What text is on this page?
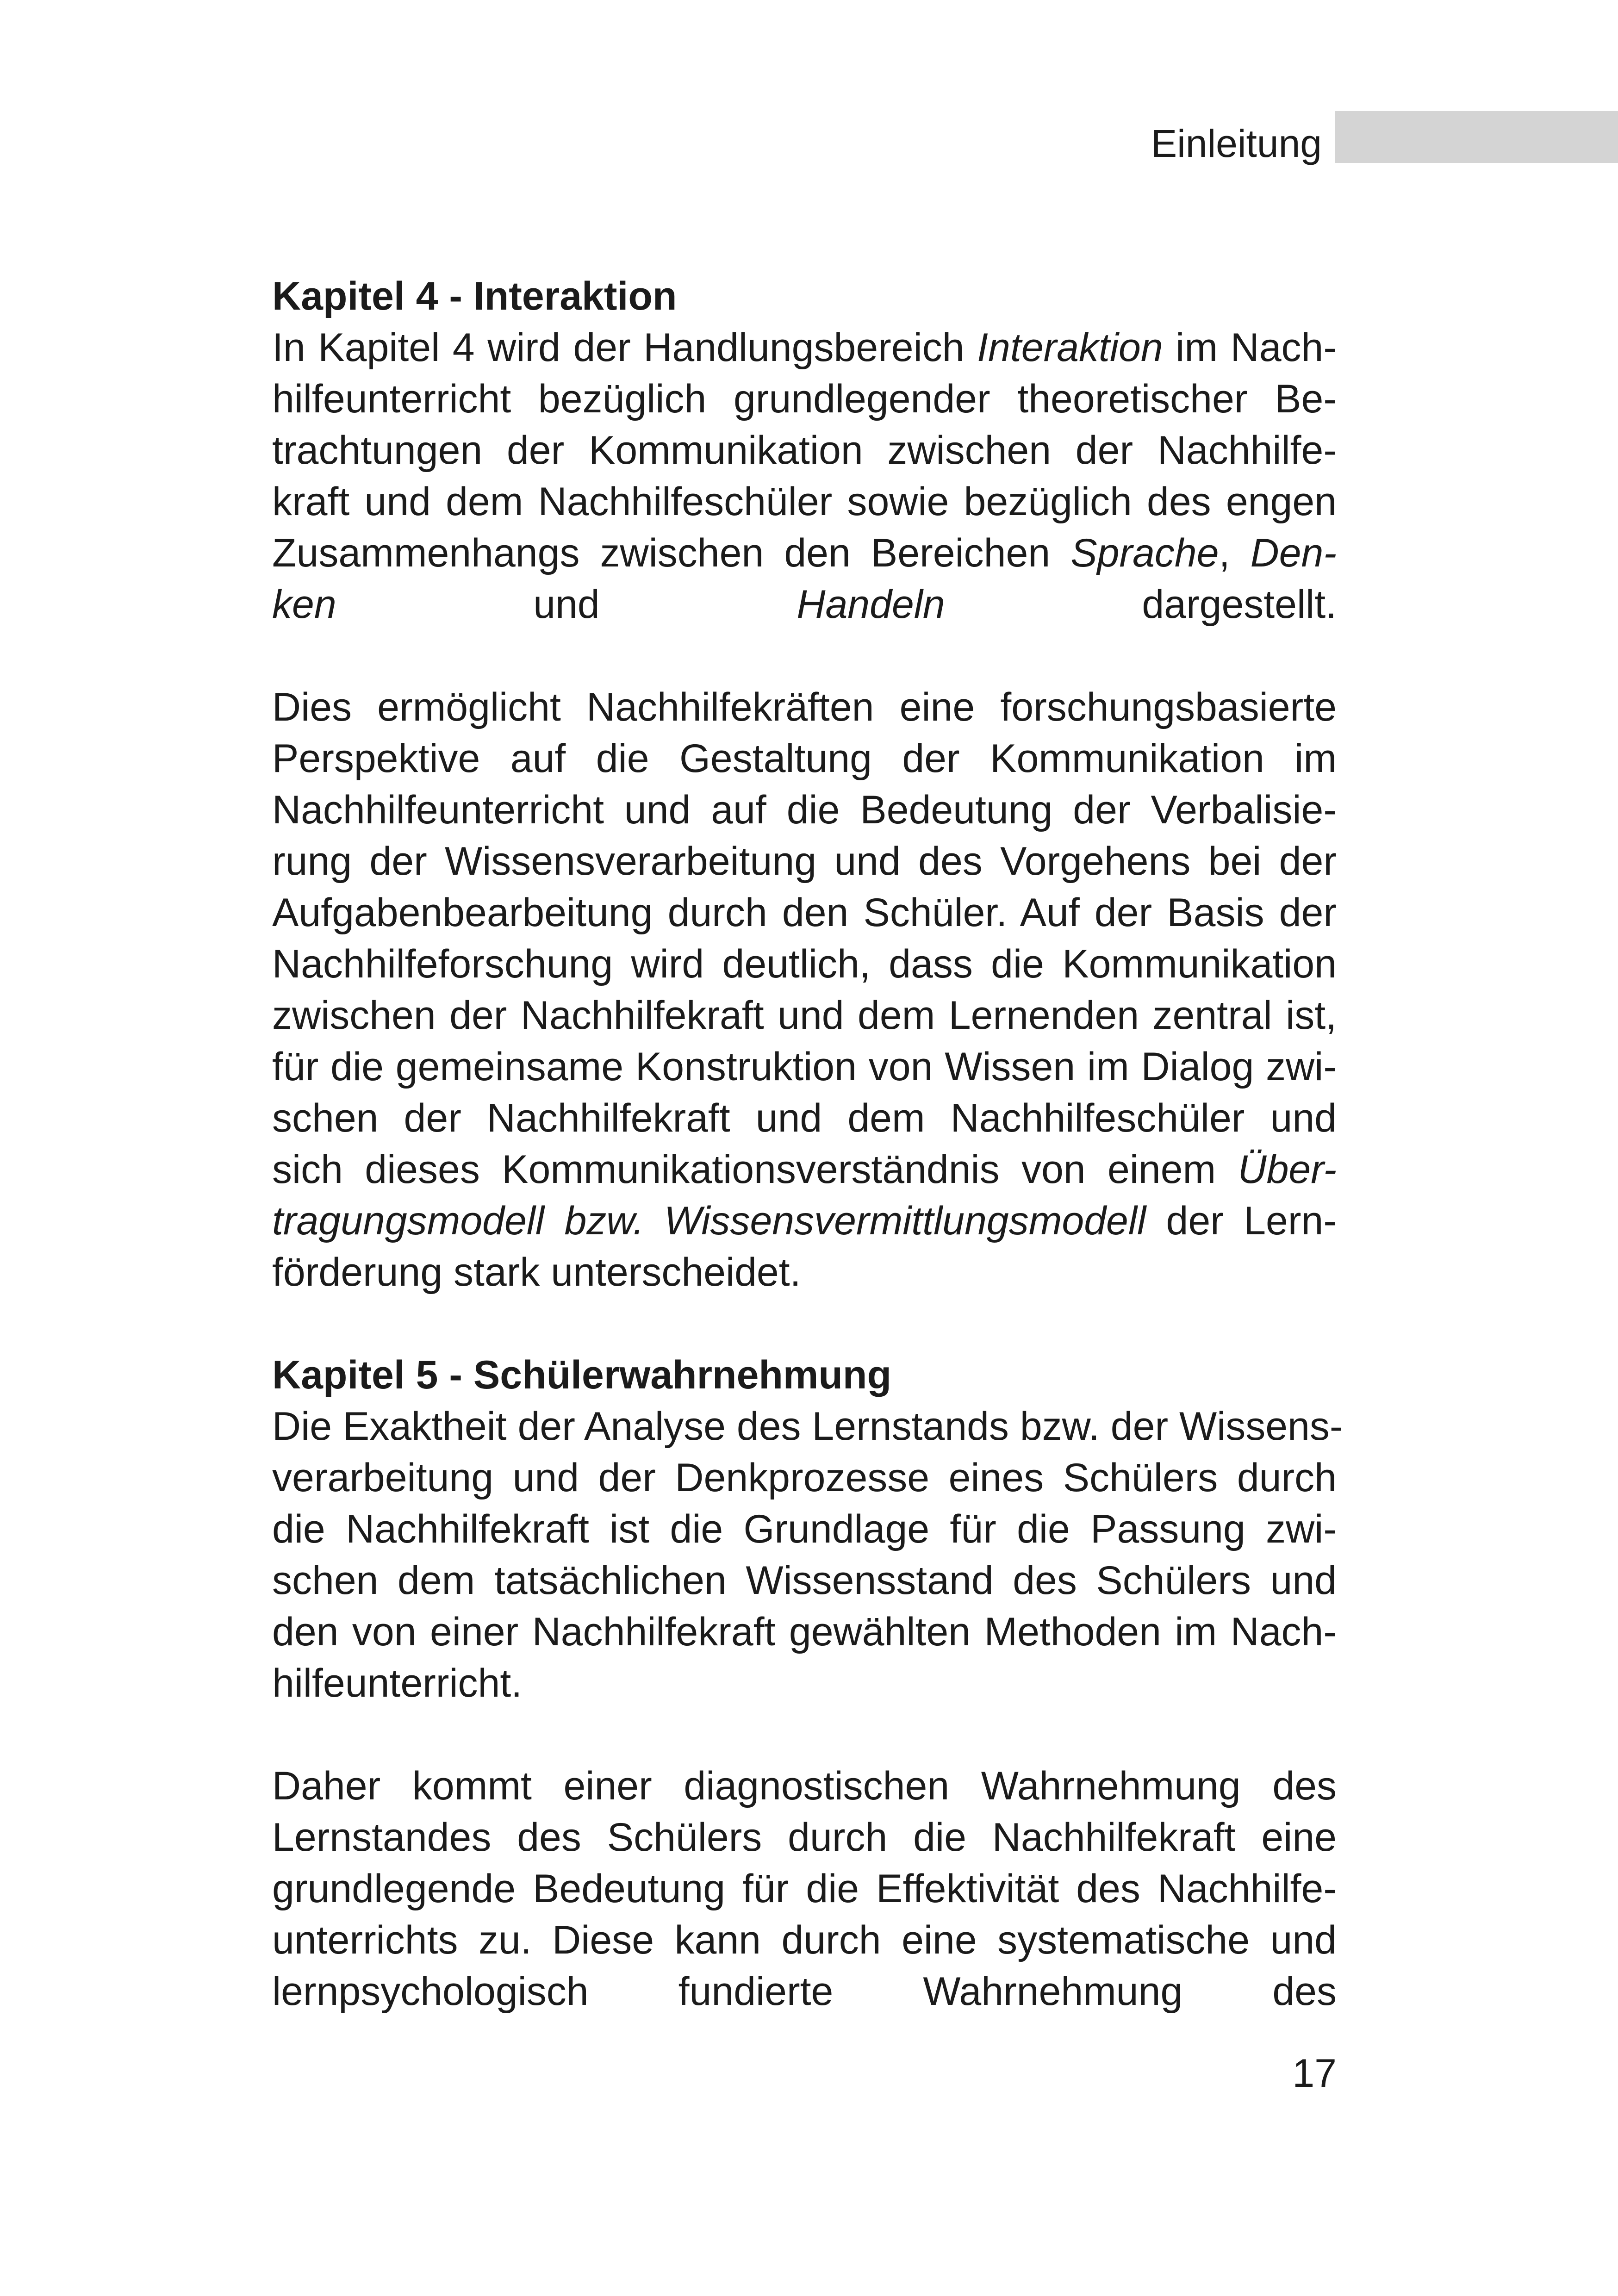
Einleitung
Kapitel 4 - Interaktion
In Kapitel 4 wird der Handlungsbereich Interaktion im Nach-
hilfeunterricht bezüglich grundlegender theoretischer Be-
trachtungen der Kommunikation zwischen der Nachhilfe-
kraft und dem Nachhilfeschüler sowie bezüglich des engen
Zusammenhangs zwischen den Bereichen Sprache, Den-
ken und Handeln dargestellt.
Dies ermöglicht Nachhilfekräften eine forschungsbasierte
Perspektive auf die Gestaltung der Kommunikation im
Nachhilfeunterricht und auf die Bedeutung der Verbalisie-
rung der Wissensverarbeitung und des Vorgehens bei der
Aufgabenbearbeitung durch den Schüler. Auf der Basis der
Nachhilfeforschung wird deutlich, dass die Kommunikation
zwischen der Nachhilfekraft und dem Lernenden zentral ist,
für die gemeinsame Konstruktion von Wissen im Dialog zwi-
schen der Nachhilfekraft und dem Nachhilfeschüler und
sich dieses Kommunikationsverständnis von einem Über-
tragungsmodell bzw. Wissensvermittlungsmodell der Lern-
förderung stark unterscheidet.
Kapitel 5 - Schülerwahrnehmung
Die Exaktheit der Analyse des Lernstands bzw. der Wissens-
verarbeitung und der Denkprozesse eines Schülers durch
die Nachhilfekraft ist die Grundlage für die Passung zwi-
schen dem tatsächlichen Wissensstand des Schülers und
den von einer Nachhilfekraft gewählten Methoden im Nach-
hilfeunterricht.
Daher kommt einer diagnostischen Wahrnehmung des
Lernstandes des Schülers durch die Nachhilfekraft eine
grundlegende Bedeutung für die Effektivität des Nachhilfe-
unterrichts zu. Diese kann durch eine systematische und
lernpsychologisch fundierte Wahrnehmung des
17
